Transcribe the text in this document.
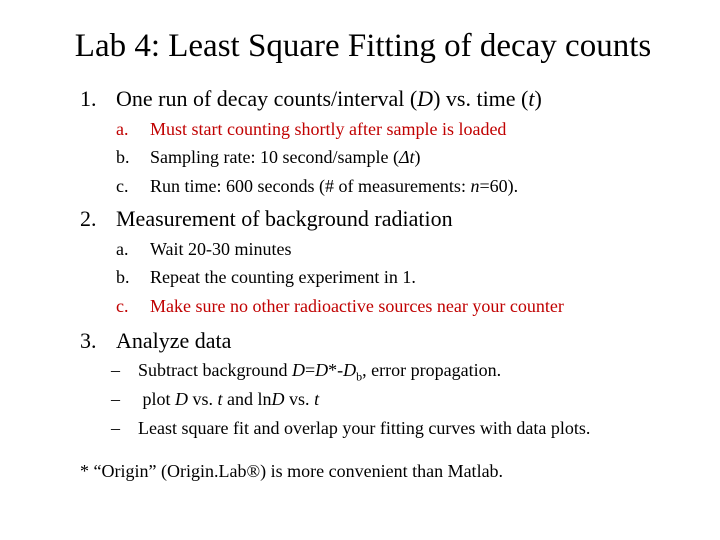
Lab 4: Least Square Fitting of decay counts
1. One run of decay counts/interval (D) vs. time (t)
a. Must start counting shortly after sample is loaded
b. Sampling rate: 10 second/sample (Δt)
c. Run time: 600 seconds (# of measurements: n=60).
2. Measurement of background radiation
a. Wait 20-30 minutes
b. Repeat the counting experiment in 1.
c. Make sure no other radioactive sources near your counter
3. Analyze data
– Subtract background $D=D*-D_b$, error propagation.
– plot D vs. t and lnD vs. t
– Least square fit and overlap your fitting curves with data plots.
* “Origin” (Origin.Lab®) is more convenient than Matlab.
